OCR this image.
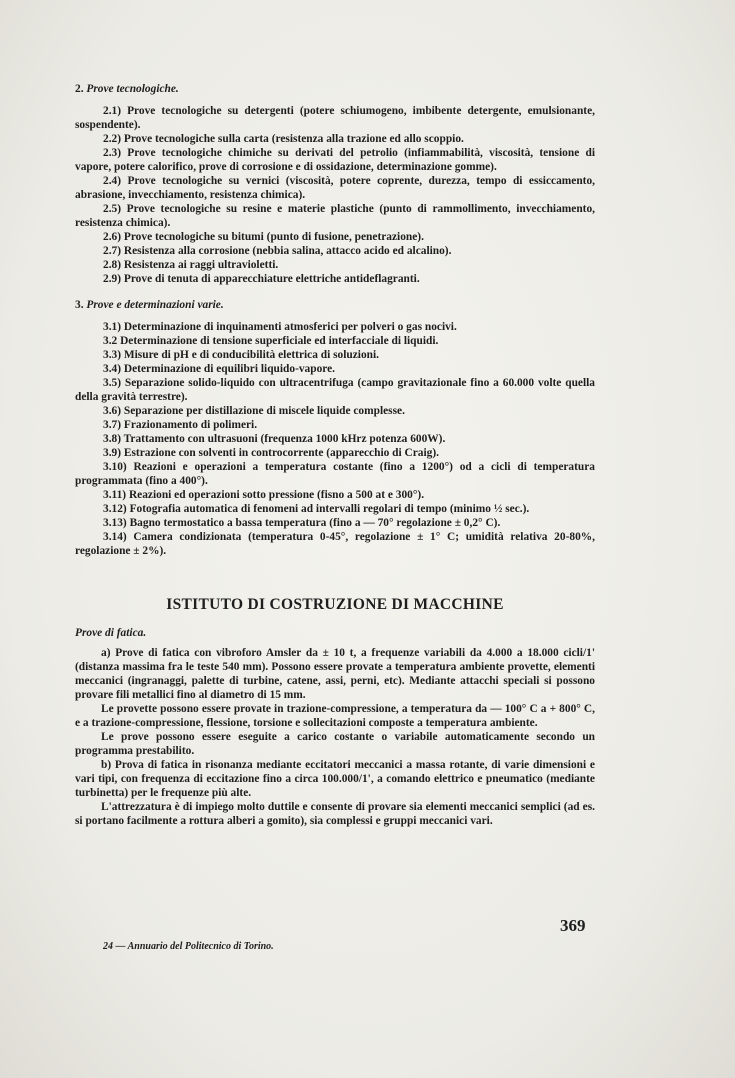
2. Prove tecnologiche.

2.1) Prove tecnologiche su detergenti (potere schiumogeno, imbibente detergente, emulsionante, sospendente).

2.2) Prove tecnologiche sulla carta (resistenza alla trazione ed allo scoppio.

2.3) Prove tecnologiche chimiche su derivati del petrolio (infiammabilità, viscosità, tensione di vapore, potere calorifico, prove di corrosione e di ossidazione, determinazione gomme).

2.4) Prove tecnologiche su vernici (viscosità, potere coprente, durezza, tempo di essiccamento, abrasione, invecchiamento, resistenza chimica).

2.5) Prove tecnologiche su resine e materie plastiche (punto di rammollimento, invecchiamento, resistenza chimica).

2.6) Prove tecnologiche su bitumi (punto di fusione, penetrazione).

2.7) Resistenza alla corrosione (nebbia salina, attacco acido ed alcalino).

2.8) Resistenza ai raggi ultravioletti.

2.9) Prove di tenuta di apparecchiature elettriche antideflagranti.

3. Prove e determinazioni varie.

3.1) Determinazione di inquinamenti atmosferici per polveri o gas nocivi.

3.2 Determinazione di tensione superficiale ed interfacciale di liquidi.

3.3) Misure di pH e di conducibilità elettrica di soluzioni.

3.4) Determinazione di equilibri liquido-vapore.

3.5) Separazione solido-liquido con ultracentrifuga (campo gravitazionale fino a 60.000 volte quella della gravità terrestre).

3.6) Separazione per distillazione di miscele liquide complesse.

3.7) Frazionamento di polimeri.

3.8) Trattamento con ultrasuoni (frequenza 1000 kHrz potenza 600W).

3.9) Estrazione con solventi in controcorrente (apparecchio di Craig).

3.10) Reazioni e operazioni a temperatura costante (fino a 1200°) od a cicli di temperatura programmata (fino a 400°).

3.11) Reazioni ed operazioni sotto pressione (fisno a 500 at e 300°).

3.12) Fotografia automatica di fenomeni ad intervalli regolari di tempo (minimo ½ sec.).

3.13) Bagno termostatico a bassa temperatura (fino a — 70° regolazione ± 0,2° C).

3.14) Camera condizionata (temperatura 0-45°, regolazione ± 1° C; umidità relativa 20-80%, regolazione ± 2%).

ISTITUTO DI COSTRUZIONE DI MACCHINE
Prove di fatica.

a) Prove di fatica con vibroforo Amsler da ± 10 t, a frequenze variabili da 4.000 a 18.000 cicli/1' (distanza massima fra le teste 540 mm). Possono essere provate a temperatura ambiente provette, elementi meccanici (ingranaggi, palette di turbine, catene, assi, perni, etc). Mediante attacchi speciali si possono provare fili metallici fino al diametro di 15 mm.

Le provette possono essere provate in trazione-compressione, a temperatura da — 100° C a + 800° C, e a trazione-compressione, flessione, torsione e sollecitazioni composte a temperatura ambiente.

Le prove possono essere eseguite a carico costante o variabile automaticamente secondo un programma prestabilito.

b) Prova di fatica in risonanza mediante eccitatori meccanici a massa rotante, di varie dimensioni e vari tipi, con frequenza di eccitazione fino a circa 100.000/1', a comando elettrico e pneumatico (mediante turbinetta) per le frequenze più alte.

L'attrezzatura è di impiego molto duttile e consente di provare sia elementi meccanici semplici (ad es. si portano facilmente a rottura alberi a gomito), sia complessi e gruppi meccanici vari.

369
24 — Annuario del Politecnico di Torino.
